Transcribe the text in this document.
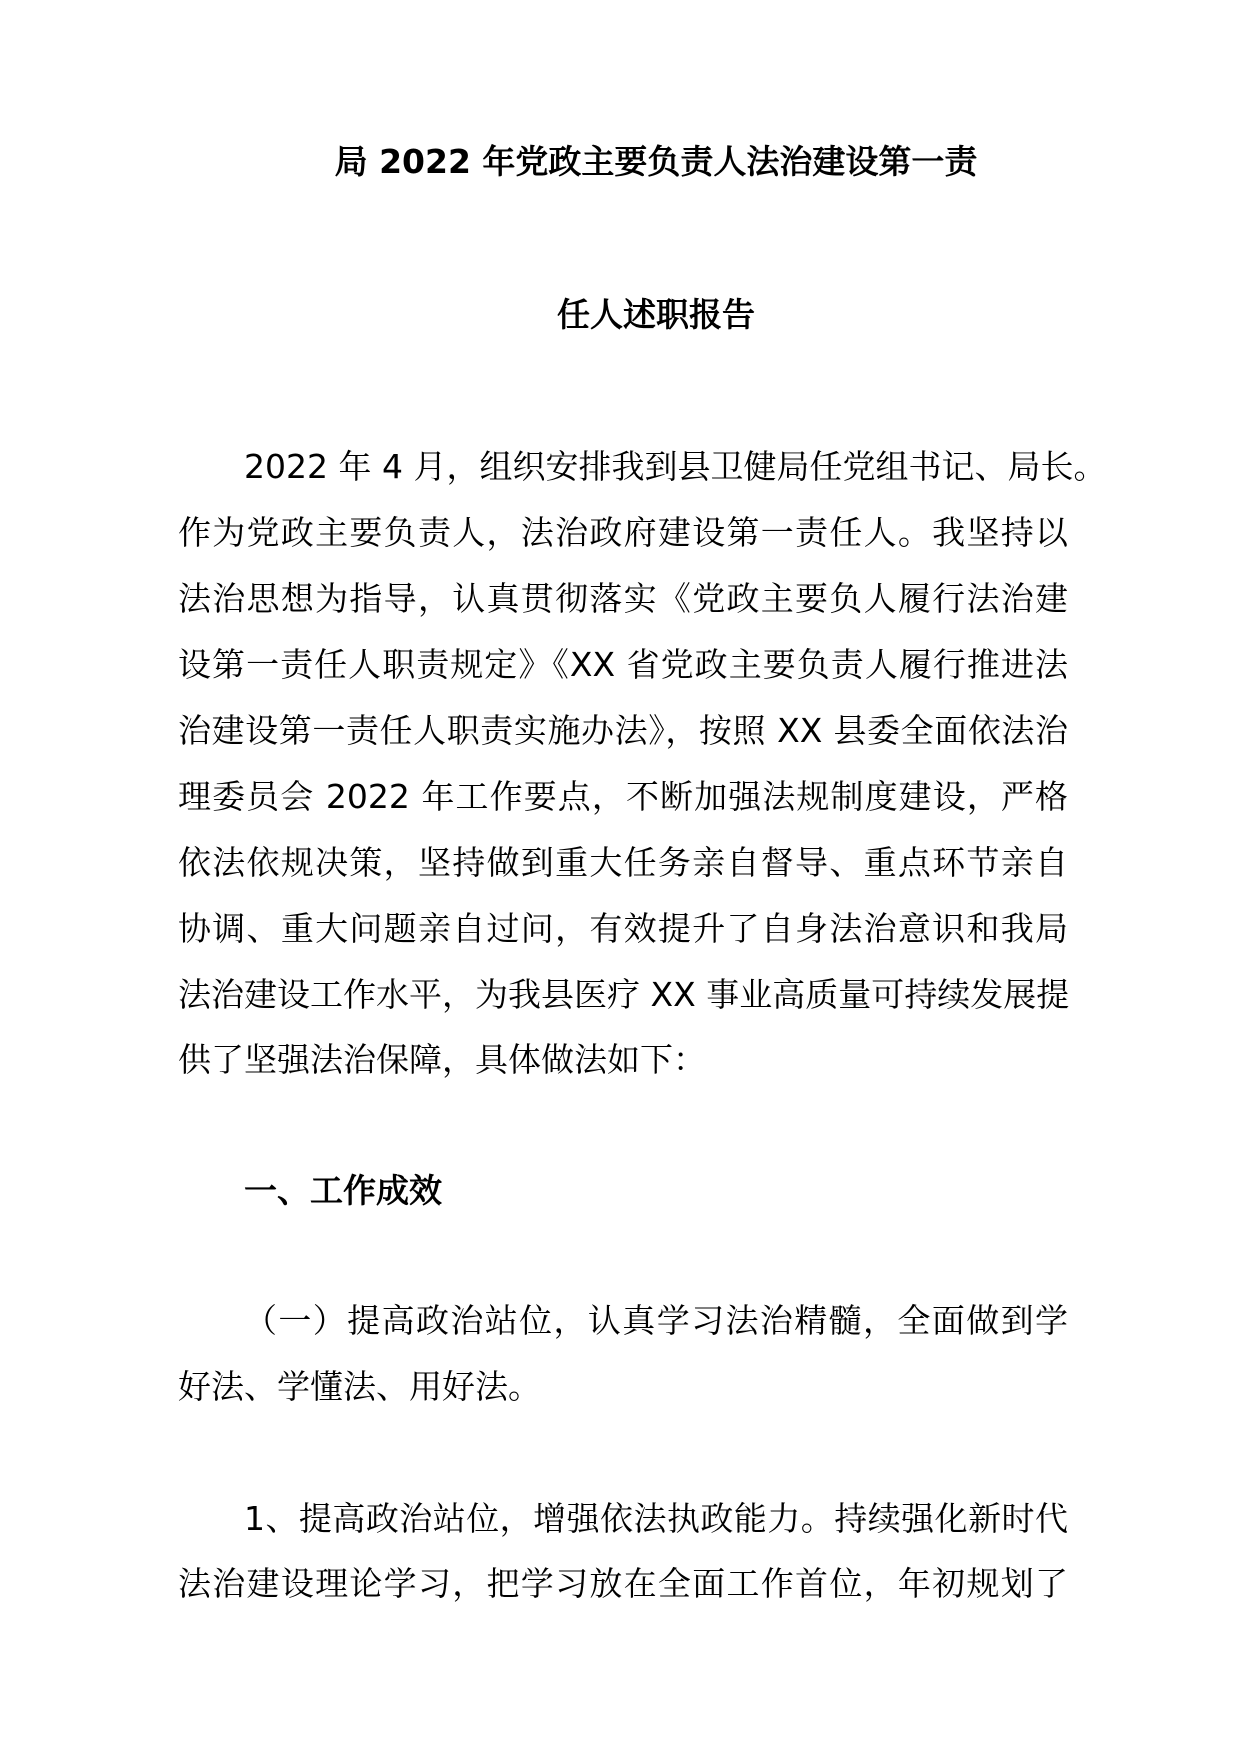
局 2022 年党政主要负责人法治建设第一责
任人述职报告
2022 年 4 月，组织安排我到县卫健局任党组书记、局长。
作为党政主要负责人，法治政府建设第一责任人。我坚持以
法治思想为指导，认真贯彻落实《党政主要负人履行法治建
设第一责任人职责规定》《XX 省党政主要负责人履行推进法
治建设第一责任人职责实施办法》，按照 XX 县委全面依法治
理委员会 2022 年工作要点，不断加强法规制度建设，严格
依法依规决策，坚持做到重大任务亲自督导、重点环节亲自
协调、重大问题亲自过问，有效提升了自身法治意识和我局
法治建设工作水平，为我县医疗 XX 事业高质量可持续发展提
供了坚强法治保障，具体做法如下：
一、工作成效
（一）提高政治站位，认真学习法治精髓，全面做到学
好法、学懂法、用好法。
1、提高政治站位，增强依法执政能力。持续强化新时代
法治建设理论学习，把学习放在全面工作首位，年初规划了
